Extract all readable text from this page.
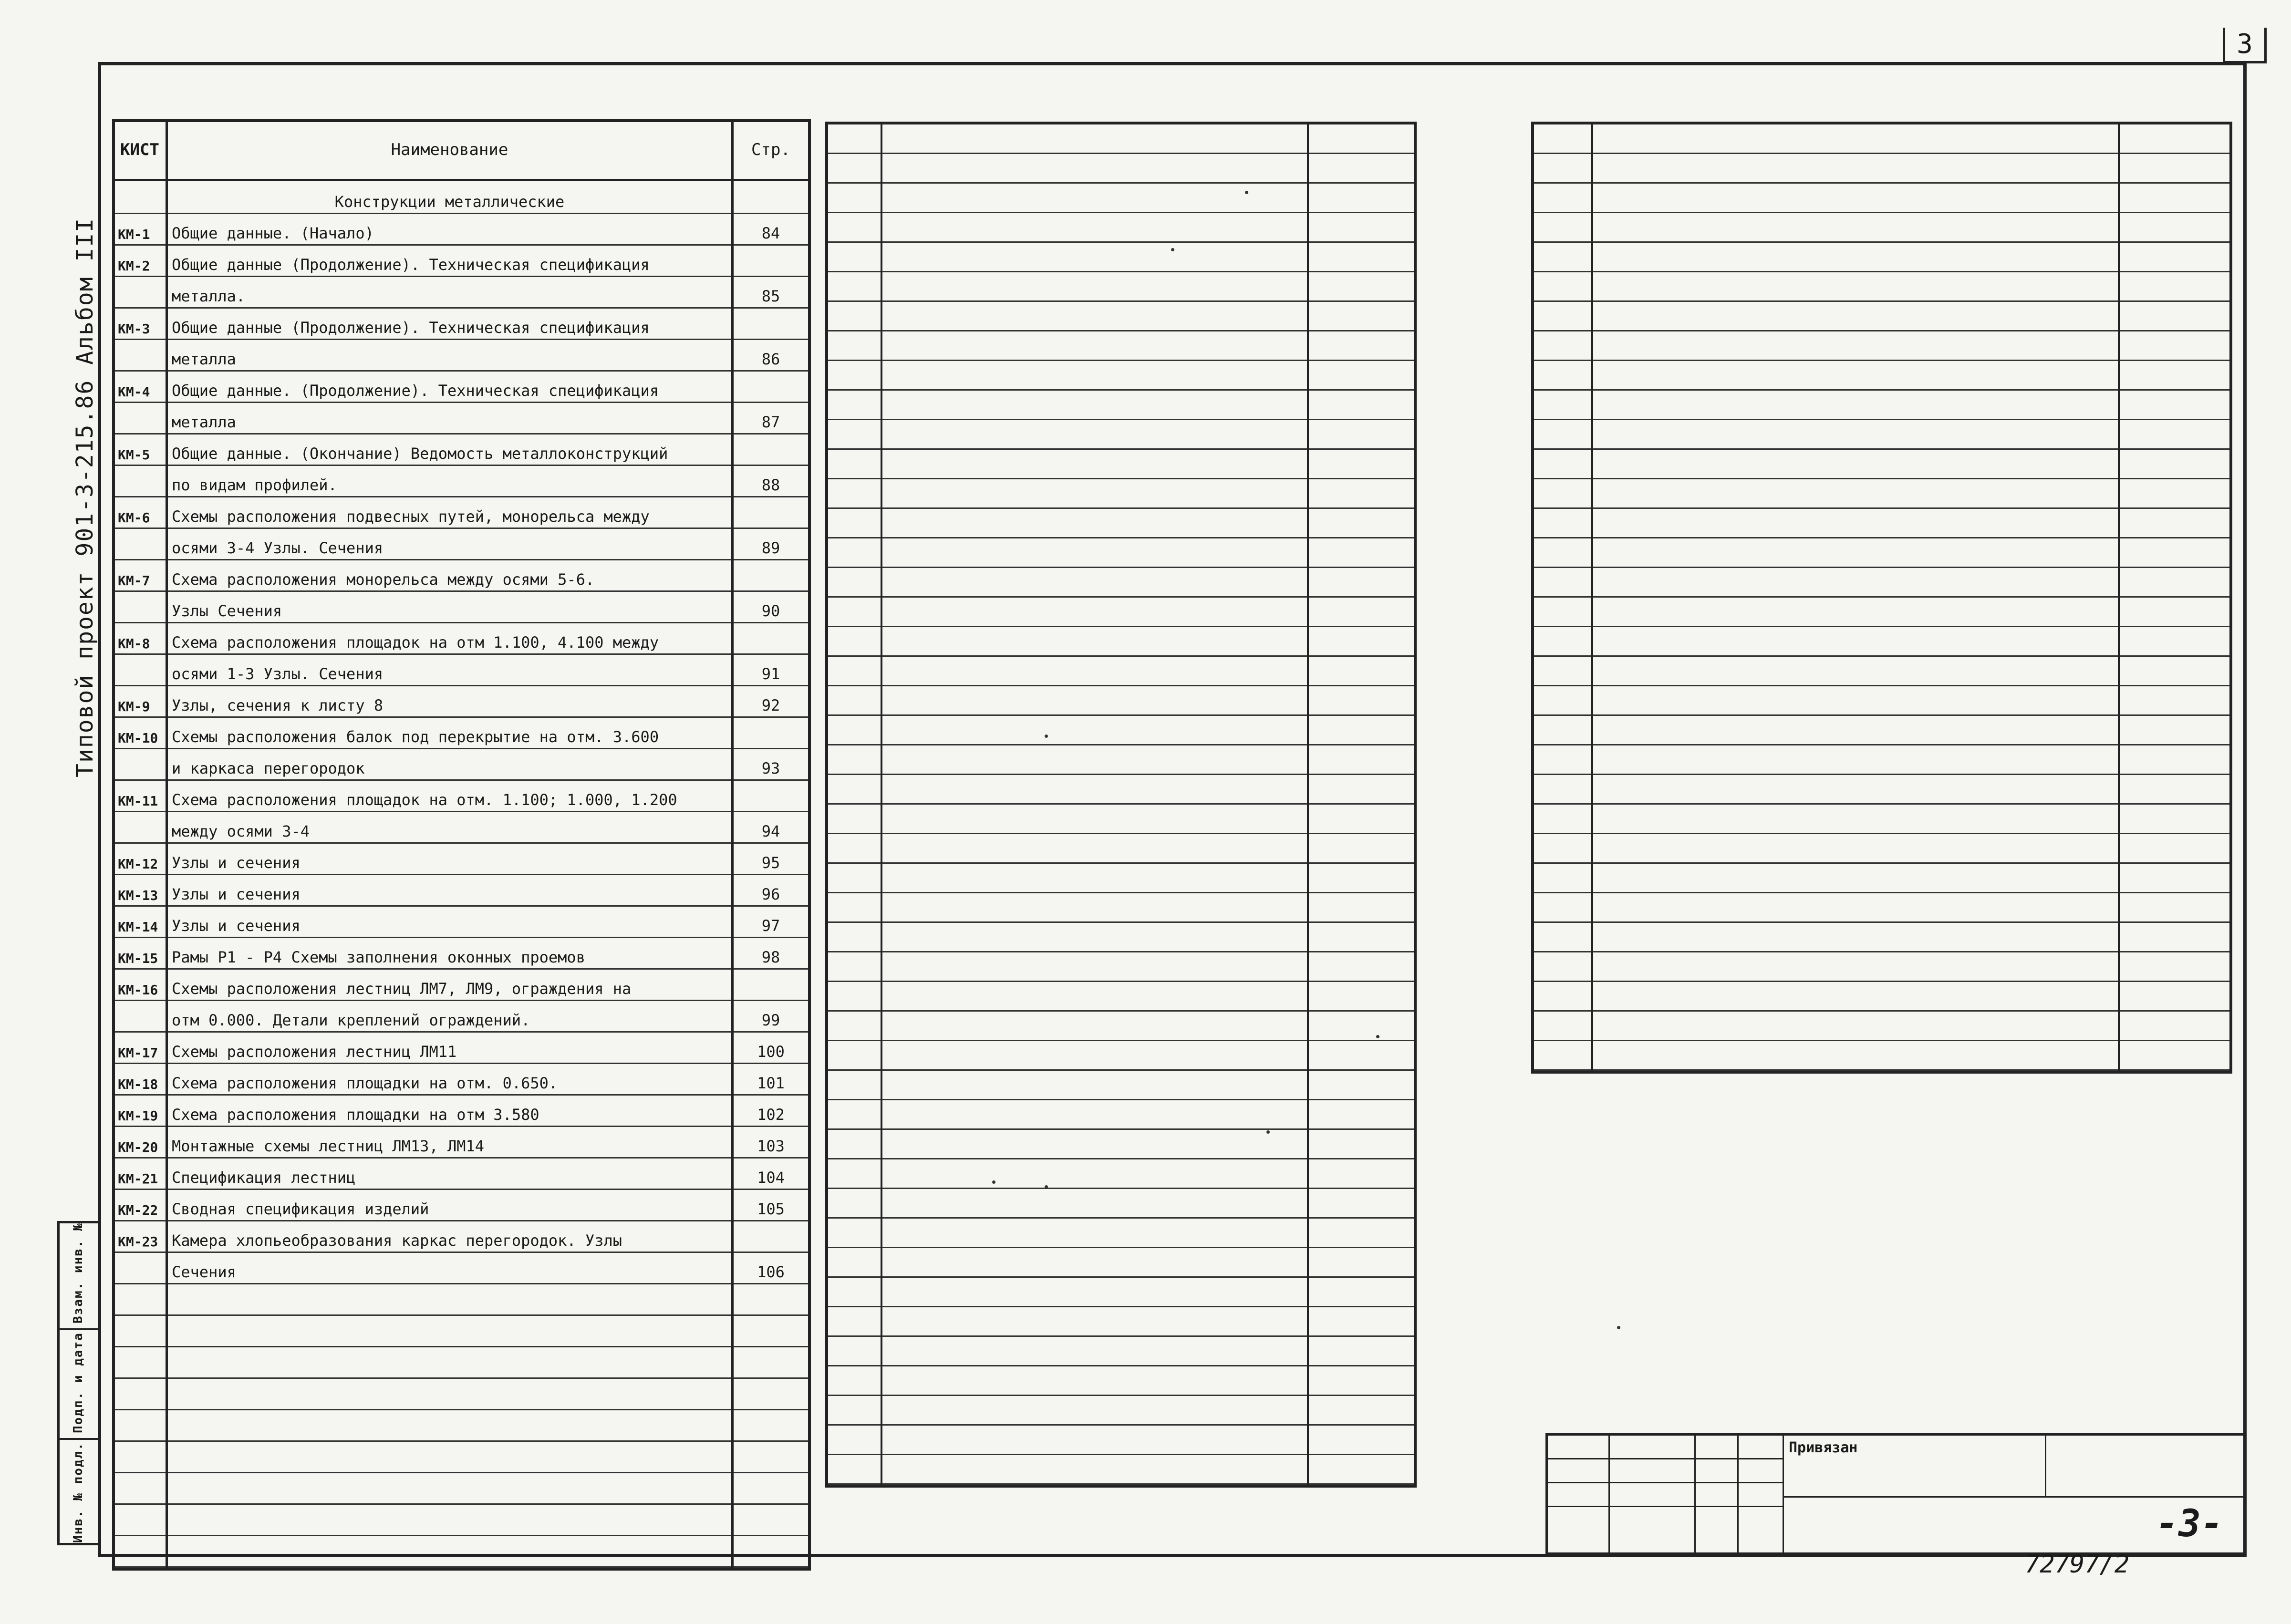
3
Типовой проект 901-3-215.86 Альбом III
Инв. № подл.
Подп. и дата
Взам. инв. №
КИСТ	Наименование	Стр.
	Конструкции металлические	
КМ-1	Общие данные. (Начало)	84
КМ-2	Общие данные (Продолжение). Техническая спецификация	
	металла.	85
КМ-3	Общие данные (Продолжение). Техническая спецификация	
	металла	86
КМ-4	Общие данные. (Продолжение). Техническая спецификация	
	металла	87
КМ-5	Общие данные. (Окончание) Ведомость металлоконструкций	
	по видам профилей.	88
КМ-6	Схемы расположения подвесных путей, монорельса между	
	осями 3-4 Узлы. Сечения	89
КМ-7	Схема расположения монорельса между осями 5-6.	
	Узлы Сечения	90
КМ-8	Схема расположения площадок на отм 1.100, 4.100 между	
	осями 1-3 Узлы. Сечения	91
КМ-9	Узлы, сечения к листу 8	92
КМ-10	Схемы расположения балок под перекрытие на отм. 3.600	
	и каркаса перегородок	93
КМ-11	Схема расположения площадок на отм. 1.100; 1.000, 1.200	
	между осями 3-4	94
КМ-12	Узлы и сечения	95
КМ-13	Узлы и сечения	96
КМ-14	Узлы и сечения	97
КМ-15	Рамы Р1 - Р4 Схемы заполнения оконных проемов	98
КМ-16	Схемы расположения лестниц ЛМ7, ЛМ9, ограждения на	
	отм 0.000. Детали креплений ограждений.	99
КМ-17	Схемы расположения лестниц ЛМ11	100
КМ-18	Схема расположения площадки на отм. 0.650.	101
КМ-19	Схема расположения площадки на отм 3.580	102
КМ-20	Монтажные схемы лестниц ЛМ13, ЛМ14	103
КМ-21	Спецификация лестниц	104
КМ-22	Сводная спецификация изделий	105
КМ-23	Камера хлопьеобразования каркас перегородок. Узлы	
	Сечения	106

Привязан
-3-
72797/2
